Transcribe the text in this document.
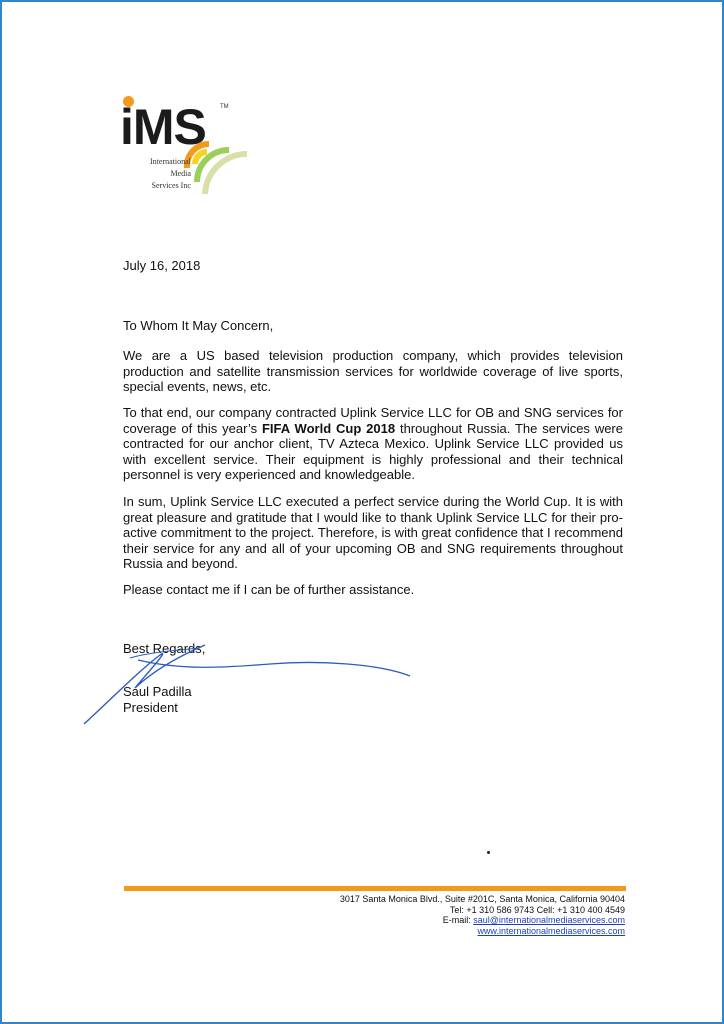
iMS TM
International
Media
Services Inc
July 16, 2018
To Whom It May Concern,
We are a US based television production company, which provides television production and satellite transmission services for worldwide coverage of live sports, special events, news, etc.
To that end, our company contracted Uplink Service LLC for OB and SNG services for coverage of this year’s FIFA World Cup 2018 throughout Russia. The services were contracted for our anchor client, TV Azteca Mexico. Uplink Service LLC provided us with excellent service. Their equipment is highly professional and their technical personnel is very experienced and knowledgeable.
In sum, Uplink Service LLC executed a perfect service during the World Cup. It is with great pleasure and gratitude that I would like to thank Uplink Service LLC for their pro-active commitment to the project. Therefore, is with great confidence that I recommend their service for any and all of your upcoming OB and SNG requirements throughout Russia and beyond.
Please contact me if I can be of further assistance.
Best Regards,
Saul Padilla
President
3017 Santa Monica Blvd., Suite #201C, Santa Monica, California 90404
Tel: +1 310 586 9743 Cell: +1 310 400 4549
E-mail: saul@internationalmediaservices.com
www.internationalmediaservices.com
